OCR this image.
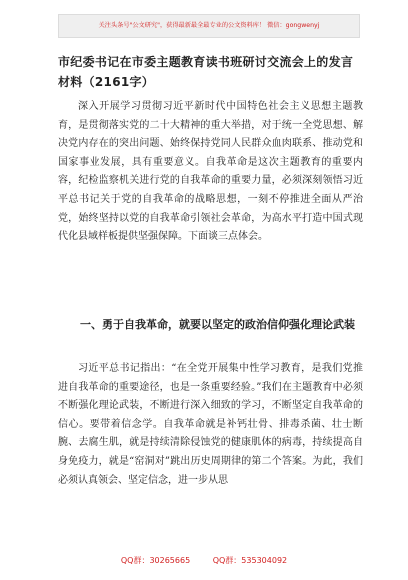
关注头条号"公文研究"，获得最新最全最专业的公文资料库！ 微信：gongwenyj
市纪委书记在市委主题教育读书班研讨交流会上的发言材料（2161字）

深入开展学习贯彻习近平新时代中国特色社会主义思想主题教育，是贯彻落实党的二十大精神的重大举措，对于统一全党思想、解决党内存在的突出问题、始终保持党同人民群众血肉联系、推动党和国家事业发展，具有重要意义。自我革命是这次主题教育的重要内容，纪检监察机关进行党的自我革命的重要力量，必须深刻领悟习近平总书记关于党的自我革命的战略思想，一刻不停推进全面从严治党，始终坚持以党的自我革命引领社会革命，为高水平打造中国式现代化县域样板提供坚强保障。下面谈三点体会。

一、勇于自我革命，就要以坚定的政治信仰强化理论武装

习近平总书记指出：“在全党开展集中性学习教育，是我们党推进自我革命的重要途径，也是一条重要经验。”我们在主题教育中必须不断强化理论武装，不断进行深入细致的学习，不断坚定自我革命的信心。要带着信念学。自我革命就是补钙壮骨、排毒杀菌、壮士断腕、去腐生肌，就是持续清除侵蚀党的健康肌体的病毒，持续提高自身免疫力，就是“窑洞对”跳出历史周期律的第二个答案。为此，我们必须认真领会、坚定信念，进一步从思

QQ群：30265665	QQ群：535304092
